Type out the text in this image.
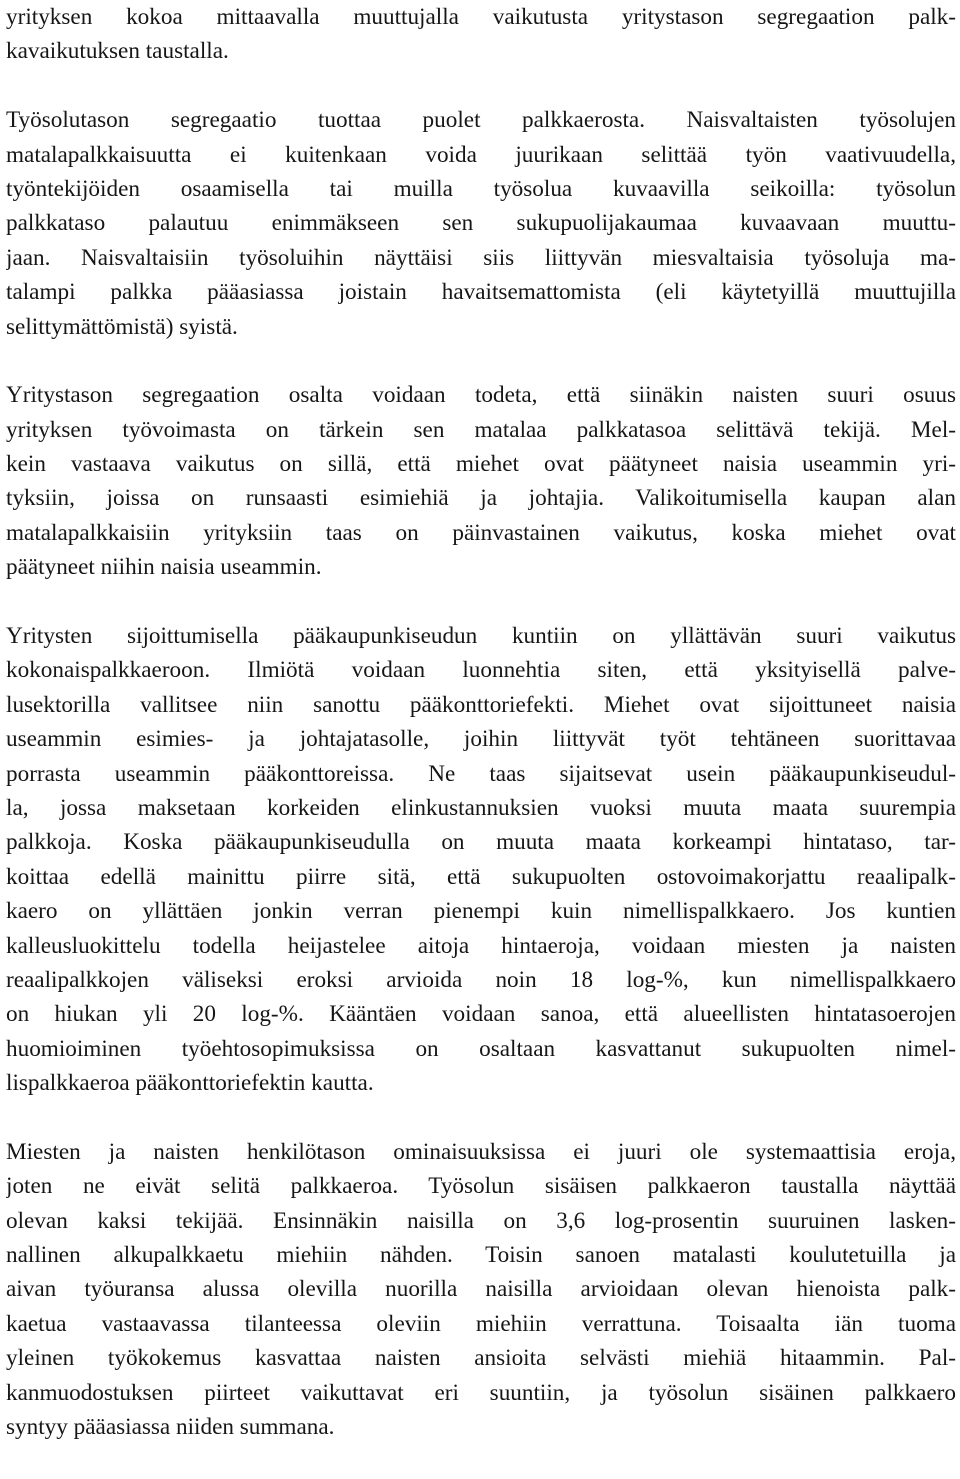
yrityksen kokoa mittaavalla muuttujalla vaikutusta yritystason segregaation palk-
kavaikutuksen taustalla.
Työsolutason segregaatio tuottaa puolet palkkaerosta. Naisvaltaisten työsolujen
matalapalkkaisuutta ei kuitenkaan voida juurikaan selittää työn vaativuudella,
työntekijöiden osaamisella tai muilla työsolua kuvaavilla seikoilla: työsolun
palkkataso palautuu enimmäkseen sen sukupuolijakaumaa kuvaavaan muuttu-
jaan. Naisvaltaisiin työsoluihin näyttäisi siis liittyvän miesvaltaisia työsoluja ma-
talampi palkka pääasiassa joistain havaitsemattomista (eli käytetyillä muuttujilla
selittymättömistä) syistä.
Yritystason segregaation osalta voidaan todeta, että siinäkin naisten suuri osuus
yrityksen työvoimasta on tärkein sen matalaa palkkatasoa selittävä tekijä. Mel-
kein vastaava vaikutus on sillä, että miehet ovat päätyneet naisia useammin yri-
tyksiin, joissa on runsaasti esimiehiä ja johtajia. Valikoitumisella kaupan alan
matalapalkkaisiin yrityksiin taas on päinvastainen vaikutus, koska miehet ovat
päätyneet niihin naisia useammin.
Yritysten sijoittumisella pääkaupunkiseudun kuntiin on yllättävän suuri vaikutus
kokonaispalkkaeroon. Ilmiötä voidaan luonnehtia siten, että yksityisellä palve-
lusektorilla vallitsee niin sanottu pääkonttoriefekti. Miehet ovat sijoittuneet naisia
useammin esimies- ja johtajatasolle, joihin liittyvät työt tehtäneen suorittavaa
porrasta useammin pääkonttoreissa. Ne taas sijaitsevat usein pääkaupunkiseudul-
la, jossa maksetaan korkeiden elinkustannuksien vuoksi muuta maata suurempia
palkkoja. Koska pääkaupunkiseudulla on muuta maata korkeampi hintataso, tar-
koittaa edellä mainittu piirre sitä, että sukupuolten ostovoimakorjattu reaalipalk-
kaero on yllättäen jonkin verran pienempi kuin nimellispalkkaero. Jos kuntien
kalleusluokittelu todella heijastelee aitoja hintaeroja, voidaan miesten ja naisten
reaalipalkkojen väliseksi eroksi arvioida noin 18 log-%, kun nimellispalkkaero
on hiukan yli 20 log-%. Kääntäen voidaan sanoa, että alueellisten hintatasoerojen
huomioiminen työehtosopimuksissa on osaltaan kasvattanut sukupuolten nimel-
lispalkkaeroa pääkonttoriefektin kautta.
Miesten ja naisten henkilötason ominaisuuksissa ei juuri ole systemaattisia eroja,
joten ne eivät selitä palkkaeroa. Työsolun sisäisen palkkaeron taustalla näyttää
olevan kaksi tekijää. Ensinnäkin naisilla on 3,6 log-prosentin suuruinen lasken-
nallinen alkupalkkaetu miehiin nähden. Toisin sanoen matalasti koulutetuilla ja
aivan työuransa alussa olevilla nuorilla naisilla arvioidaan olevan hienoista palk-
kaetua vastaavassa tilanteessa oleviin miehiin verrattuna. Toisaalta iän tuoma
yleinen työkokemus kasvattaa naisten ansioita selvästi miehiä hitaammin. Pal-
kanmuodostuksen piirteet vaikuttavat eri suuntiin, ja työsolun sisäinen palkkaero
syntyy pääasiassa niiden summana.
